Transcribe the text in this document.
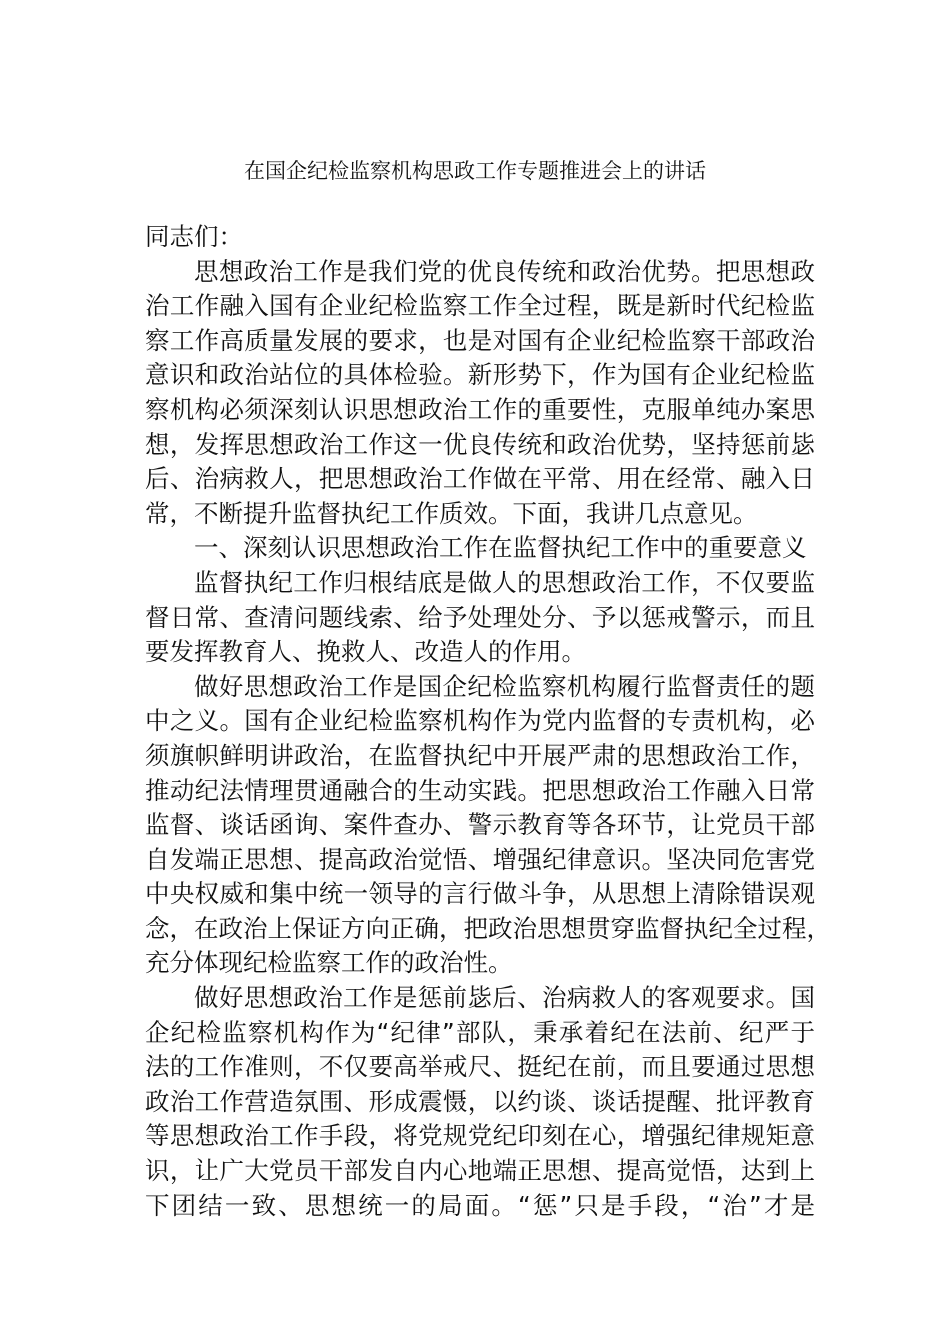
在国企纪检监察机构思政工作专题推进会上的讲话
同志们：
思想政治工作是我们党的优良传统和政治优势。把思想政
治工作融入国有企业纪检监察工作全过程，既是新时代纪检监
察工作高质量发展的要求，也是对国有企业纪检监察干部政治
意识和政治站位的具体检验。新形势下，作为国有企业纪检监
察机构必须深刻认识思想政治工作的重要性，克服单纯办案思
想，发挥思想政治工作这一优良传统和政治优势，坚持惩前毖
后、治病救人，把思想政治工作做在平常、用在经常、融入日
常，不断提升监督执纪工作质效。下面，我讲几点意见。
一、深刻认识思想政治工作在监督执纪工作中的重要意义
监督执纪工作归根结底是做人的思想政治工作，不仅要监
督日常、查清问题线索、给予处理处分、予以惩戒警示，而且
要发挥教育人、挽救人、改造人的作用。
做好思想政治工作是国企纪检监察机构履行监督责任的题
中之义。国有企业纪检监察机构作为党内监督的专责机构，必
须旗帜鲜明讲政治，在监督执纪中开展严肃的思想政治工作，
推动纪法情理贯通融合的生动实践。把思想政治工作融入日常
监督、谈话函询、案件查办、警示教育等各环节，让党员干部
自发端正思想、提高政治觉悟、增强纪律意识。坚决同危害党
中央权威和集中统一领导的言行做斗争，从思想上清除错误观
念，在政治上保证方向正确，把政治思想贯穿监督执纪全过程，
充分体现纪检监察工作的政治性。
做好思想政治工作是惩前毖后、治病救人的客观要求。国
企纪检监察机构作为“纪律”部队，秉承着纪在法前、纪严于
法的工作准则，不仅要高举戒尺、挺纪在前，而且要通过思想
政治工作营造氛围、形成震慑，以约谈、谈话提醒、批评教育
等思想政治工作手段，将党规党纪印刻在心，增强纪律规矩意
识，让广大党员干部发自内心地端正思想、提高觉悟，达到上
下团结一致、思想统一的局面。“惩”只是手段，“治”才是
